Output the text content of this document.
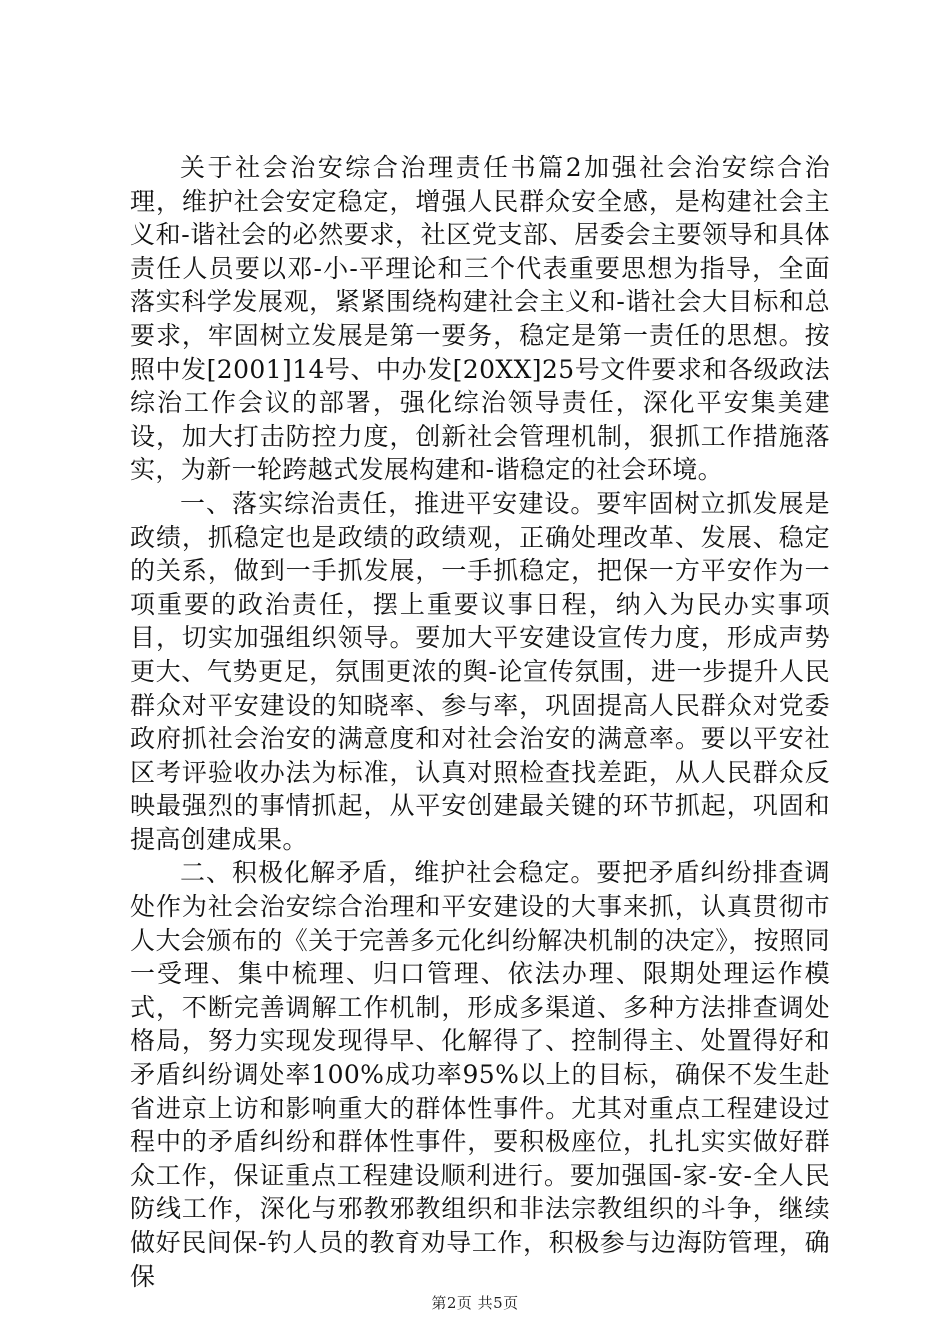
关于社会治安综合治理责任书篇2加强社会治安综合治理，维护社会安定稳定，增强人民群众安全感，是构建社会主义和-谐社会的必然要求，社区党支部、居委会主要领导和具体责任人员要以邓-小-平理论和三个代表重要思想为指导，全面落实科学发展观，紧紧围绕构建社会主义和-谐社会大目标和总要求，牢固树立发展是第一要务，稳定是第一责任的思想。按照中发[2001]14号、中办发[20XX]25号文件要求和各级政法综治工作会议的部署，强化综治领导责任，深化平安集美建设，加大打击防控力度，创新社会管理机制，狠抓工作措施落实，为新一轮跨越式发展构建和-谐稳定的社会环境。

一、落实综治责任，推进平安建设。要牢固树立抓发展是政绩，抓稳定也是政绩的政绩观，正确处理改革、发展、稳定的关系，做到一手抓发展，一手抓稳定，把保一方平安作为一项重要的政治责任，摆上重要议事日程，纳入为民办实事项目，切实加强组织领导。要加大平安建设宣传力度，形成声势更大、气势更足，氛围更浓的舆-论宣传氛围，进一步提升人民群众对平安建设的知晓率、参与率，巩固提高人民群众对党委政府抓社会治安的满意度和对社会治安的满意率。要以平安社区考评验收办法为标准，认真对照检查找差距，从人民群众反映最强烈的事情抓起，从平安创建最关键的环节抓起，巩固和提高创建成果。

二、积极化解矛盾，维护社会稳定。要把矛盾纠纷排查调处作为社会治安综合治理和平安建设的大事来抓，认真贯彻市人大会颁布的《关于完善多元化纠纷解决机制的决定》，按照同一受理、集中梳理、归口管理、依法办理、限期处理运作模式，不断完善调解工作机制，形成多渠道、多种方法排查调处格局，努力实现发现得早、化解得了、控制得主、处置得好和矛盾纠纷调处率100%成功率95%以上的目标，确保不发生赴省进京上访和影响重大的群体性事件。尤其对重点工程建设过程中的矛盾纠纷和群体性事件，要积极座位，扎扎实实做好群众工作，保证重点工程建设顺利进行。要加强国-家-安-全人民防线工作，深化与邪教邪教组织和非法宗教组织的斗争，继续做好民间保-钓人员的教育劝导工作，积极参与边海防管理，确保

第2页 共5页
